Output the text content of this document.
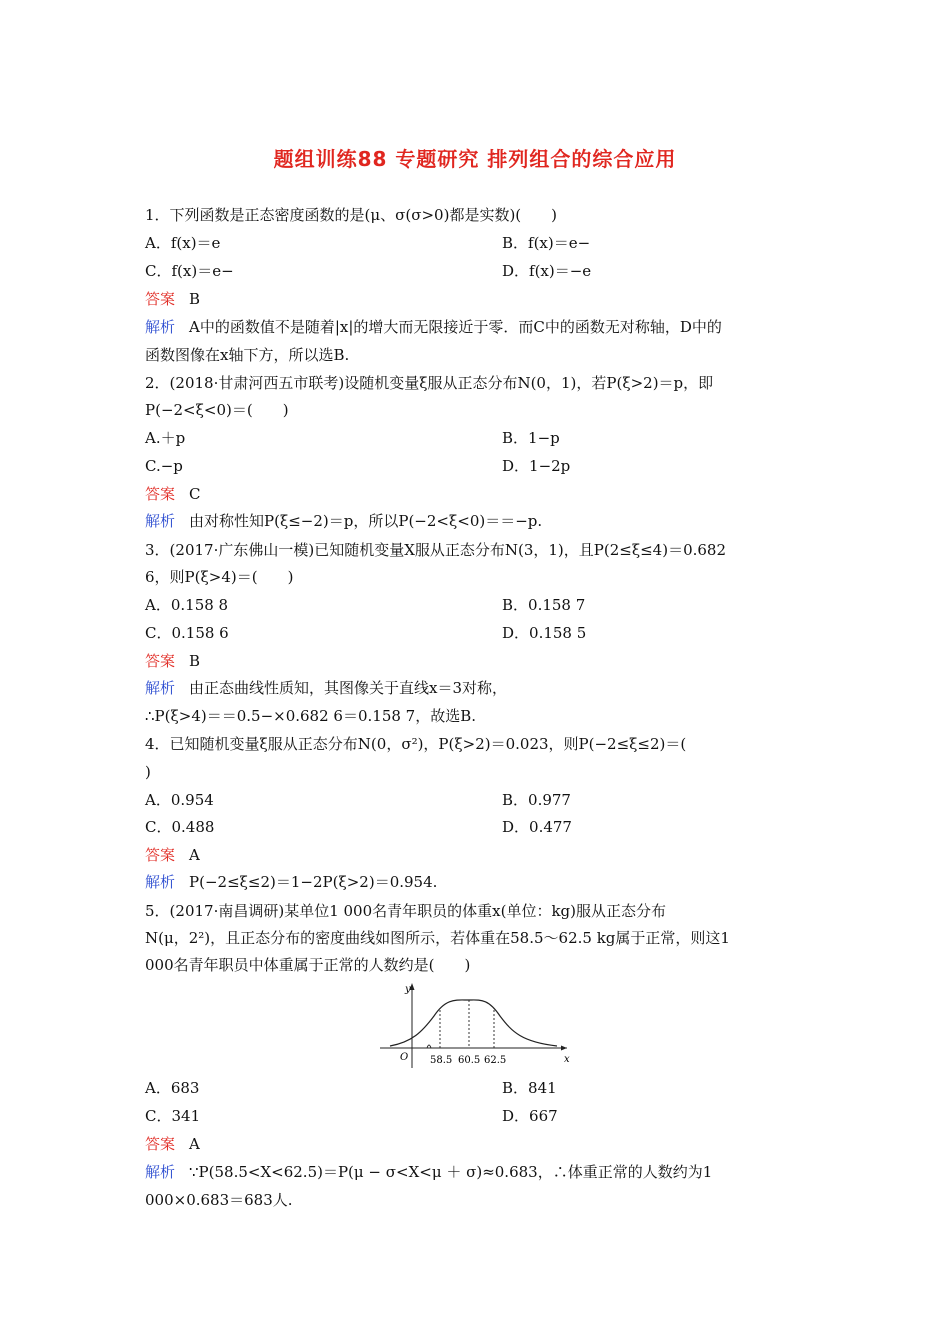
题组训练88 专题研究 排列组合的综合应用
1．下列函数是正态密度函数的是(μ、σ(σ>0)都是实数)(　　)
A．f(x)＝e	B．f(x)＝e−
C．f(x)＝e−	D．f(x)＝−e
答案 B
解析 A中的函数值不是随着|x|的增大而无限接近于零．而C中的函数无对称轴，D中的
函数图像在x轴下方，所以选B.
2．(2018·甘肃河西五市联考)设随机变量ξ服从正态分布N(0，1)，若P(ξ>2)＝p，即
P(−2<ξ<0)＝(　　)
A.＋p	B．1−p
C.−p	D．1−2p
答案 C
解析 由对称性知P(ξ≤−2)＝p，所以P(−2<ξ<0)＝＝−p.
3．(2017·广东佛山一模)已知随机变量X服从正态分布N(3，1)，且P(2≤ξ≤4)＝0.682
6，则P(ξ>4)＝(　　)
A．0.158 8	B．0.158 7
C．0.158 6	D．0.158 5
答案 B
解析 由正态曲线性质知，其图像关于直线x＝3对称，
∴P(ξ>4)＝＝0.5−×0.682 6＝0.158 7，故选B.
4．已知随机变量ξ服从正态分布N(0，σ²)，P(ξ>2)＝0.023，则P(−2≤ξ≤2)＝(
)
A．0.954	B．0.977
C．0.488	D．0.477
答案 A
解析 P(−2≤ξ≤2)＝1−2P(ξ>2)＝0.954.
5．(2017·南昌调研)某单位1 000名青年职员的体重x(单位：kg)服从正态分布
N(μ，2²)，且正态分布的密度曲线如图所示，若体重在58.5～62.5 kg属于正常，则这1
000名青年职员中体重属于正常的人数约是(　　)
y
x
O 58.5 60.5 62.5
A．683	B．841
C．341	D．667
答案 A
解析 ∵P(58.5<X<62.5)＝P(μ − σ<X<μ ＋ σ)≈0.683，∴体重正常的人数约为1
000×0.683＝683人.
